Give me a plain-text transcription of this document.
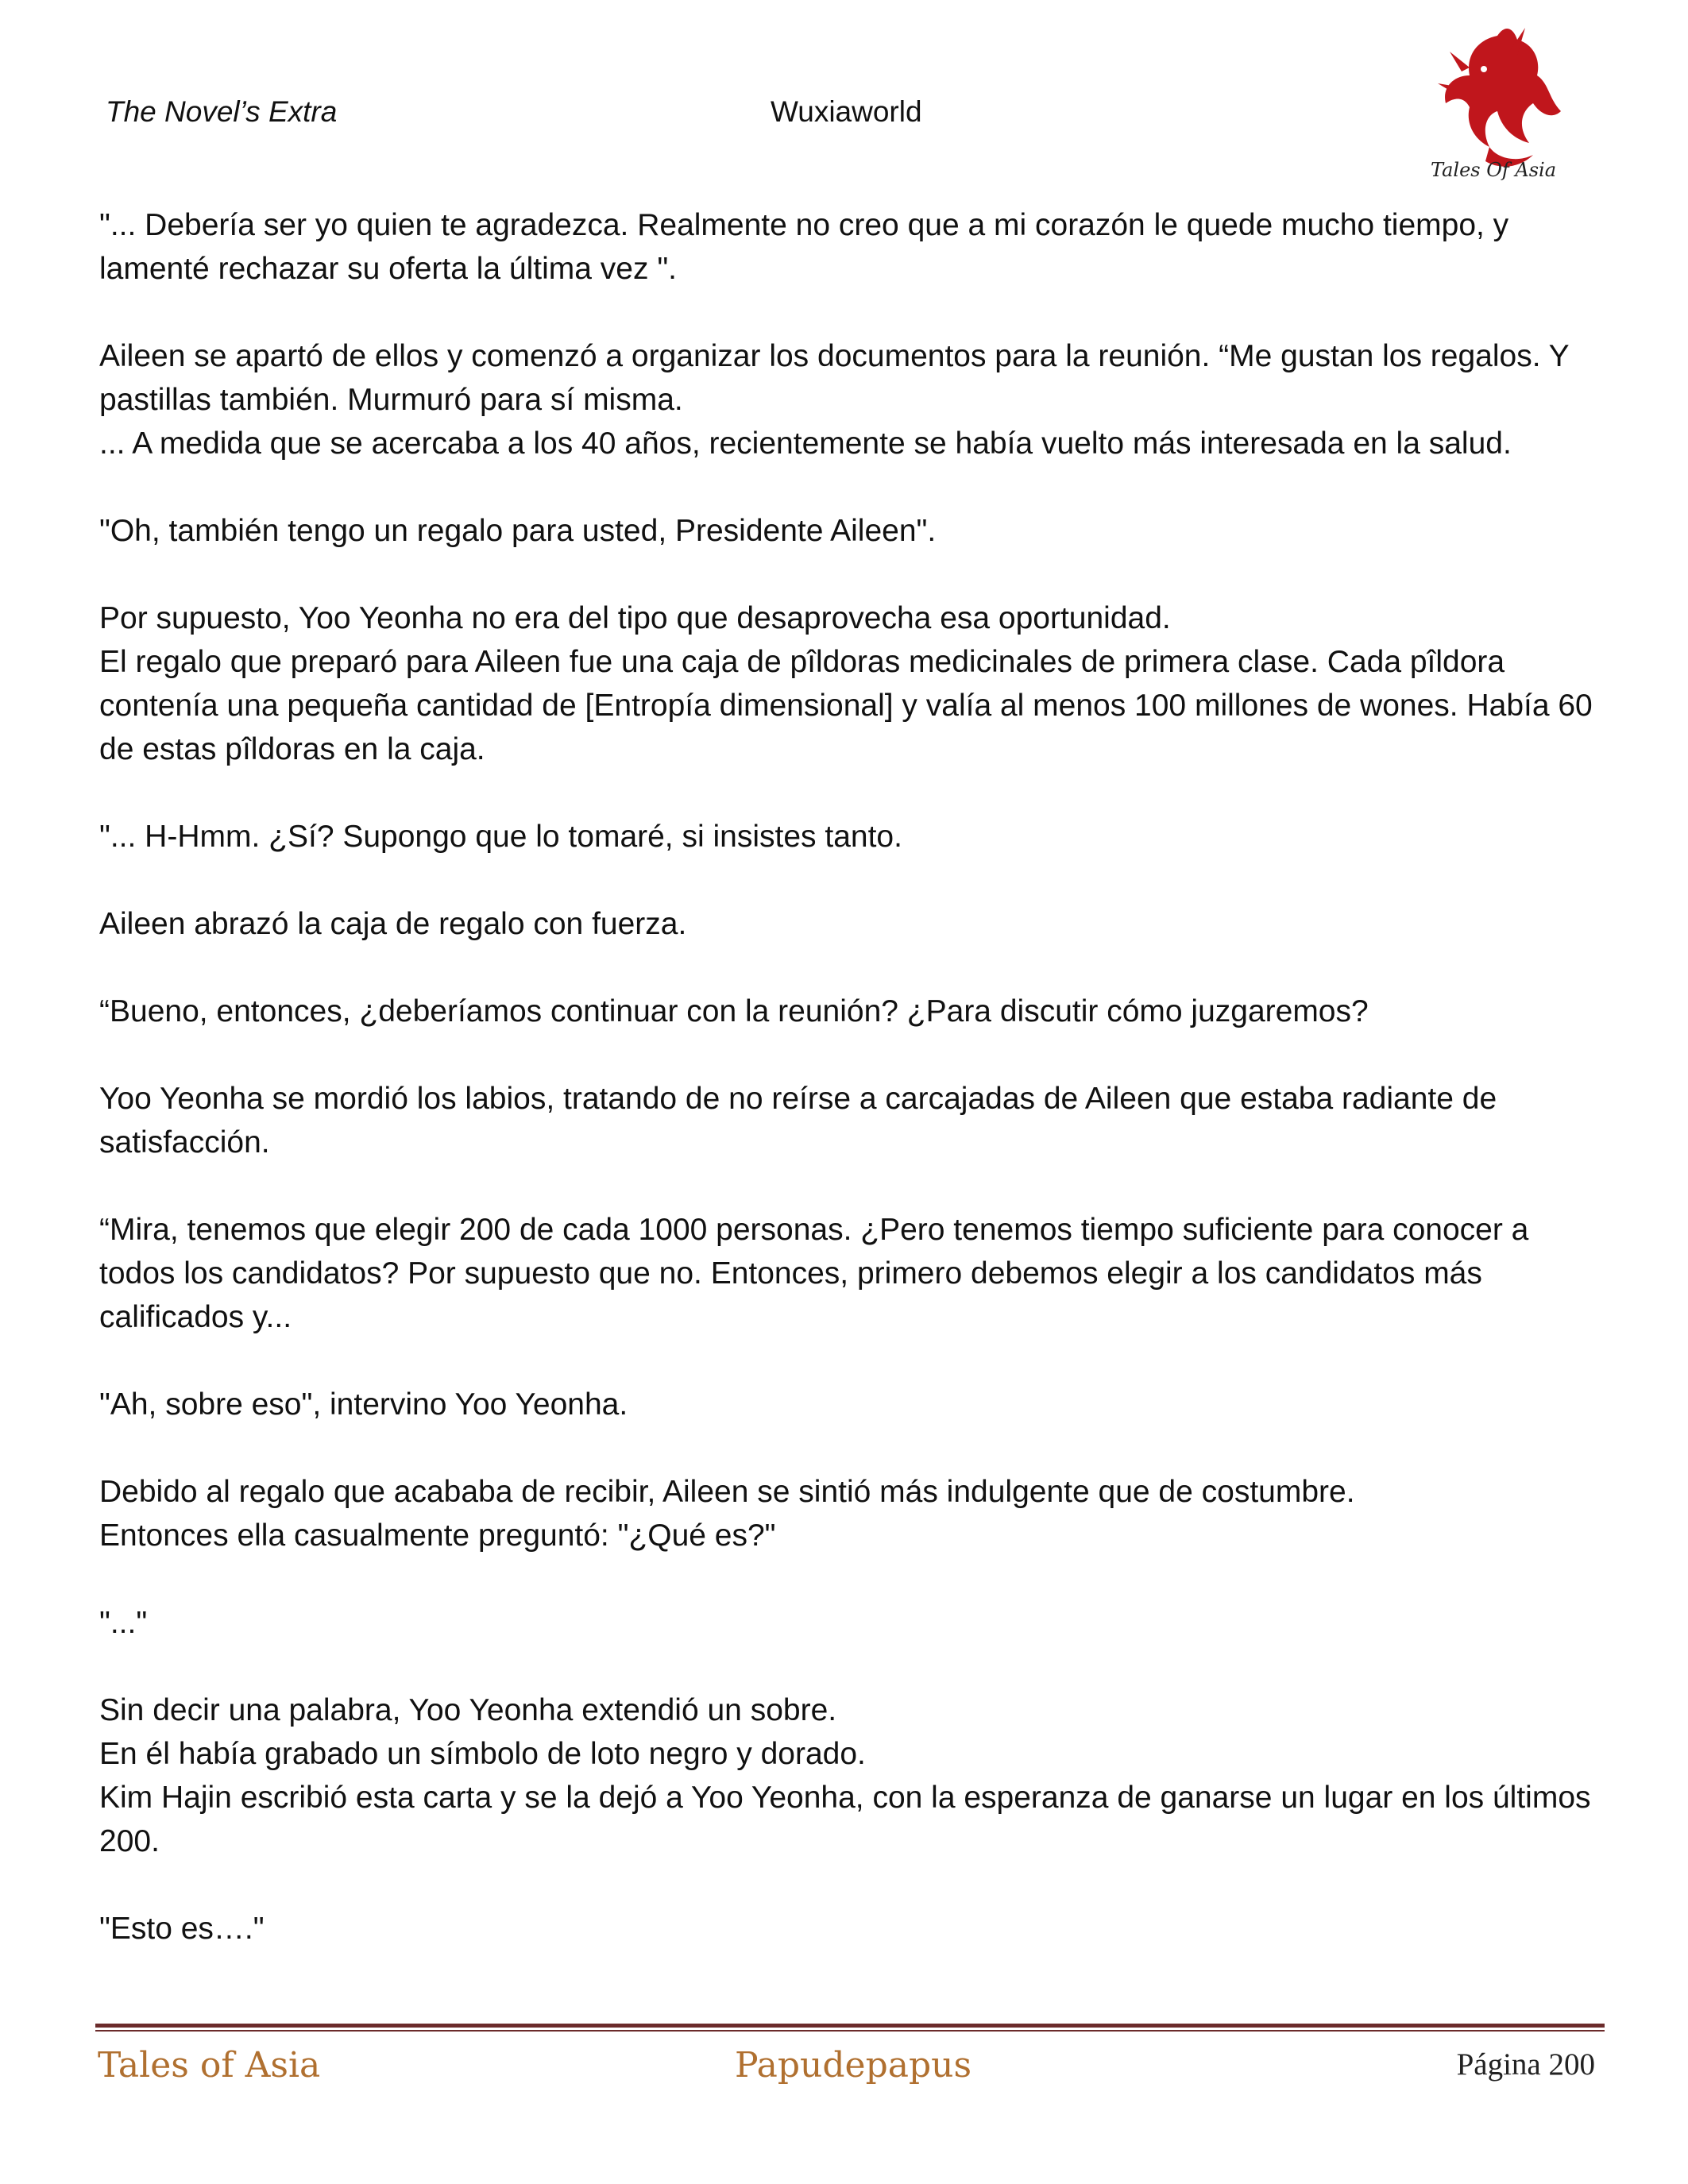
The Novel’s Extra	Wuxiaworld
Tales Of Asia

"... Debería ser yo quien te agradezca. Realmente no creo que a mi corazón le quede mucho tiempo, y lamenté rechazar su oferta la última vez ".

Aileen se apartó de ellos y comenzó a organizar los documentos para la reunión. “Me gustan los regalos. Y pastillas también. Murmuró para sí misma.
... A medida que se acercaba a los 40 años, recientemente se había vuelto más interesada en la salud.

"Oh, también tengo un regalo para usted, Presidente Aileen".

Por supuesto, Yoo Yeonha no era del tipo que desaprovecha esa oportunidad.
El regalo que preparó para Aileen fue una caja de pîldoras medicinales de primera clase. Cada pîldora contenía una pequeña cantidad de [Entropía dimensional] y valía al menos 100 millones de wones. Había 60 de estas pîldoras en la caja.

"... H-Hmm. ¿Sí? Supongo que lo tomaré, si insistes tanto.

Aileen abrazó la caja de regalo con fuerza.

“Bueno, entonces, ¿deberíamos continuar con la reunión? ¿Para discutir cómo juzgaremos?

Yoo Yeonha se mordió los labios, tratando de no reírse a carcajadas de Aileen que estaba radiante de satisfacción.

“Mira, tenemos que elegir 200 de cada 1000 personas. ¿Pero tenemos tiempo suficiente para conocer a todos los candidatos? Por supuesto que no. Entonces, primero debemos elegir a los candidatos más calificados y...

"Ah, sobre eso", intervino Yoo Yeonha.

Debido al regalo que acababa de recibir, Aileen se sintió más indulgente que de costumbre.
Entonces ella casualmente preguntó: "¿Qué es?"

"..."

Sin decir una palabra, Yoo Yeonha extendió un sobre.
En él había grabado un símbolo de loto negro y dorado.
Kim Hajin escribió esta carta y se la dejó a Yoo Yeonha, con la esperanza de ganarse un lugar en los últimos 200.

"Esto es…."

Tales of Asia	Papudepapus	Página 200
